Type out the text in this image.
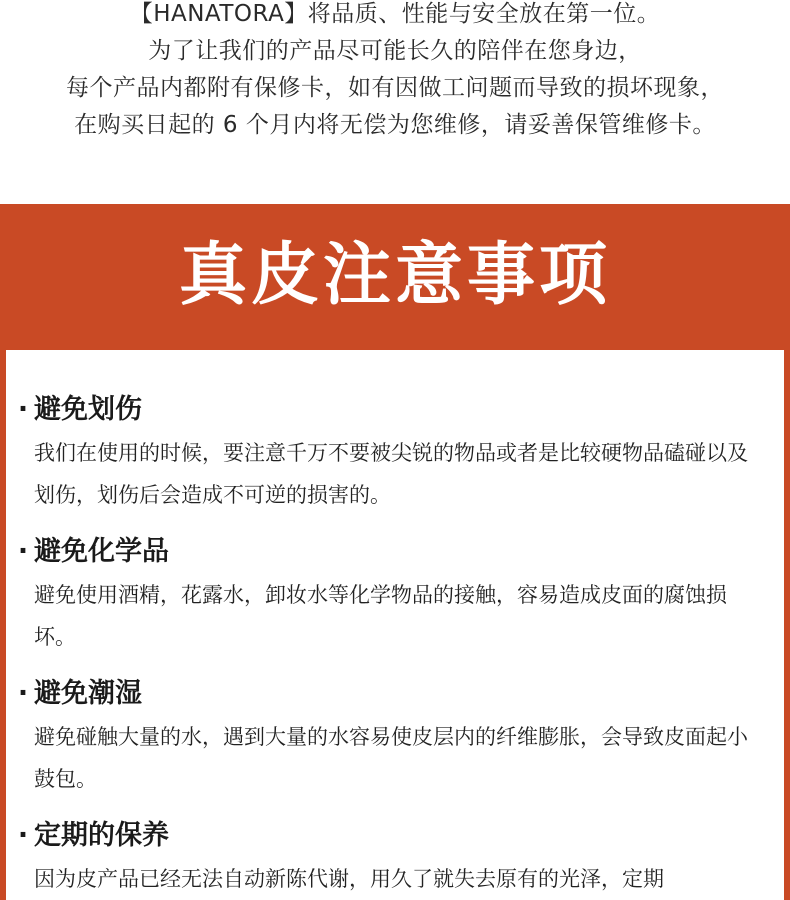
【HANATORA】将品质、性能与安全放在第一位。
为了让我们的产品尽可能长久的陪伴在您身边，
每个产品内都附有保修卡，如有因做工问题而导致的损坏现象，
在购买日起的 6 个月内将无偿为您维修，请妥善保管维修卡。
真皮注意事项
· 避免划伤
我们在使用的时候，要注意千万不要被尖锐的物品或者是比较硬物品磕碰以及划伤，划伤后会造成不可逆的损害的。
· 避免化学品
避免使用酒精，花露水，卸妆水等化学物品的接触，容易造成皮面的腐蚀损坏。
· 避免潮湿
避免碰触大量的水，遇到大量的水容易使皮层内的纤维膨胀，会导致皮面起小鼓包。
· 定期的保养
因为皮产品已经无法自动新陈代谢，用久了就失去原有的光泽，定期
